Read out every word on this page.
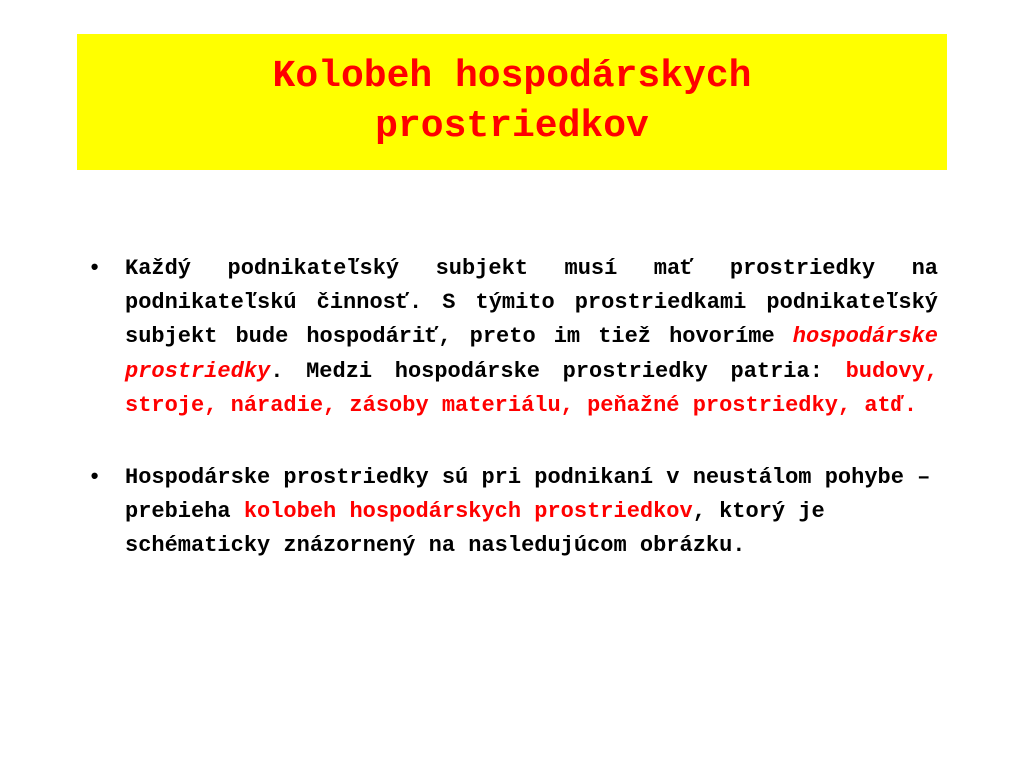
Kolobeh hospodárskych
prostriedkov
• Každý podnikateľský subjekt musí mať prostriedky na podnikateľskú činnosť. S týmito prostriedkami podnikateľský subjekt bude hospodáriť, preto im tiež hovoríme hospodárske prostriedky. Medzi hospodárske prostriedky patria: budovy, stroje, náradie, zásoby materiálu, peňažné prostriedky, atď.
• Hospodárske prostriedky sú pri podnikaní v neustálom pohybe – prebieha kolobeh hospodárskych prostriedkov, ktorý je schématicky znázornený na nasledujúcom obrázku.
